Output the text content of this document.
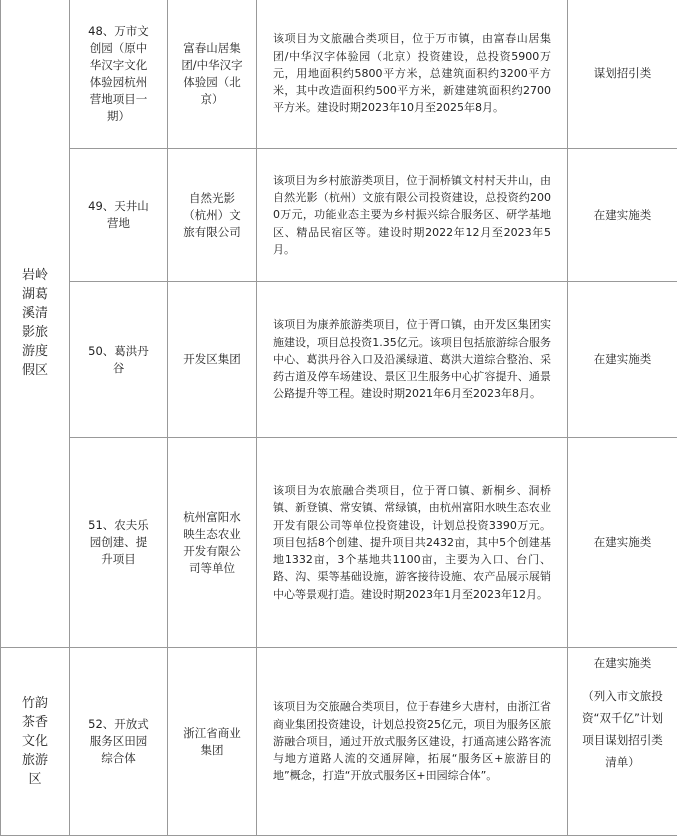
岩岭湖葛溪清影旅游度假区	48、万市文创园（原中华汉字文化体验园杭州营地项目一期）	富春山居集团/中华汉字体验园（北京）	该项目为文旅融合类项目，位于万市镇，由富春山居集团/中华汉字体验园（北京）投资建设，总投资5900万元，用地面积约5800平方米，总建筑面积约3200平方米，其中改造面积约500平方米，新建建筑面积约2700平方米。建设时期2023年10月至2025年8月。	谋划招引类
	49、天井山营地	自然光影（杭州）文旅有限公司	该项目为乡村旅游类项目，位于洞桥镇文村村天井山，由自然光影（杭州）文旅有限公司投资建设，总投资约2000万元，功能业态主要为乡村振兴综合服务区、研学基地区、精品民宿区等。建设时期2022年12月至2023年5月。	在建实施类
	50、葛洪丹谷	开发区集团	该项目为康养旅游类项目，位于胥口镇，由开发区集团实施建设，项目总投资1.35亿元。该项目包括旅游综合服务中心、葛洪丹谷入口及沿溪绿道、葛洪大道综合整治、采药古道及停车场建设、景区卫生服务中心扩容提升、通景公路提升等工程。建设时期2021年6月至2023年8月。	在建实施类
	51、农夫乐园创建、提升项目	杭州富阳水映生态农业开发有限公司等单位	该项目为农旅融合类项目，位于胥口镇、新桐乡、洞桥镇、新登镇、常安镇、常绿镇，由杭州富阳水映生态农业开发有限公司等单位投资建设，计划总投资3390万元。项目包括8个创建、提升项目共2432亩，其中5个创建基地1332亩，3个基地共1100亩，主要为入口、台门、路、沟、渠等基础设施，游客接待设施、农产品展示展销中心等景观打造。建设时期2023年1月至2023年12月。	在建实施类
竹韵茶香文化旅游区	52、开放式服务区田园综合体	浙江省商业集团	该项目为交旅融合类项目，位于春建乡大唐村，由浙江省商业集团投资建设，计划总投资25亿元，项目为服务区旅游融合项目，通过开放式服务区建设，打通高速公路客流与地方道路人流的交通屏障，拓展“服务区+旅游目的地”概念，打造“开放式服务区+田园综合体”。	在建实施类
（列入市文旅投资“双千亿”计划项目谋划招引类清单）
